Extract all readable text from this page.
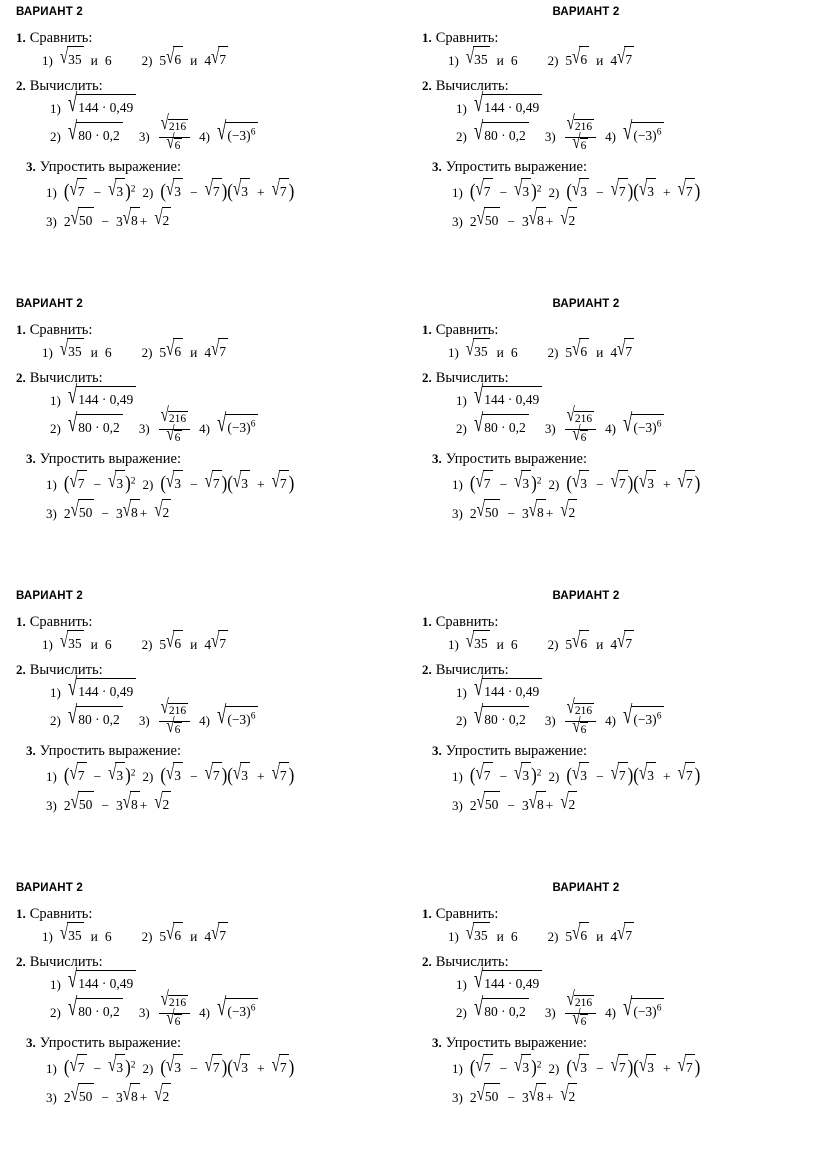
ВАРИАНТ 2
1. Сравнить:
1) √35 и 6 2) 5√6 и 4√7
2. Вычислить:
1) √144 · 0,49
2) √80 · 0,2 $3) \frac{√216}{√6} 4$) $√(-3)^6$
3. Упростить выражение:
1) (√7 − √3 )$^2$ 2) (√3 − √7 )(√3 + √7 )
3) 2√50 − 3√8 + √2
ВАРИАНТ 2
1. Сравнить:
1) √35 и 6 2) 5√6 и 4√7
2. Вычислить:
1) √144 · 0,49
2) √80 · 0,2 $3) \frac{√216}{√6} 4$) $√(-3)^6$
3. Упростить выражение:
1) (√7 − √3 )$^2$ 2) (√3 − √7 )(√3 + √7 )
3) 2√50 − 3√8 + √2
ВАРИАНТ 2
1. Сравнить:
1) √35 и 6 2) 5√6 и 4√7
2. Вычислить:
1) √144 · 0,49
2) √80 · 0,2 $3) \frac{√216}{√6} 4$) $√(-3)^6$
3. Упростить выражение:
1) (√7 − √3 )$^2$ 2) (√3 − √7 )(√3 + √7 )
3) 2√50 − 3√8 + √2
ВАРИАНТ 2
1. Сравнить:
1) √35 и 6 2) 5√6 и 4√7
2. Вычислить:
1) √144 · 0,49
2) √80 · 0,2 $3) \frac{√216}{√6} 4$) $√(-3)^6$
3. Упростить выражение:
1) (√7 − √3 )$^2$ 2) (√3 − √7 )(√3 + √7 )
3) 2√50 − 3√8 + √2
ВАРИАНТ 2
1. Сравнить:
1) √35 и 6 2) 5√6 и 4√7
2. Вычислить:
1) √144 · 0,49
2) √80 · 0,2 $3) \frac{√216}{√6} 4$) $√(-3)^6$
3. Упростить выражение:
1) (√7 − √3 )$^2$ 2) (√3 − √7 )(√3 + √7 )
3) 2√50 − 3√8 + √2
ВАРИАНТ 2
1. Сравнить:
1) √35 и 6 2) 5√6 и 4√7
2. Вычислить:
1) √144 · 0,49
2) √80 · 0,2 $3) \frac{√216}{√6} 4$) $√(-3)^6$
3. Упростить выражение:
1) (√7 − √3 )$^2$ 2) (√3 − √7 )(√3 + √7 )
3) 2√50 − 3√8 + √2
ВАРИАНТ 2
1. Сравнить:
1) √35 и 6 2) 5√6 и 4√7
2. Вычислить:
1) √144 · 0,49
2) √80 · 0,2 $3) \frac{√216}{√6} 4$) $√(-3)^6$
3. Упростить выражение:
1) (√7 − √3 )$^2$ 2) (√3 − √7 )(√3 + √7 )
3) 2√50 − 3√8 + √2
ВАРИАНТ 2
1. Сравнить:
1) √35 и 6 2) 5√6 и 4√7
2. Вычислить:
1) √144 · 0,49
2) √80 · 0,2 $3) \frac{√216}{√6} 4$) $√(-3)^6$
3. Упростить выражение:
1) (√7 − √3 )$^2$ 2) (√3 − √7 )(√3 + √7 )
3) 2√50 − 3√8 + √2
